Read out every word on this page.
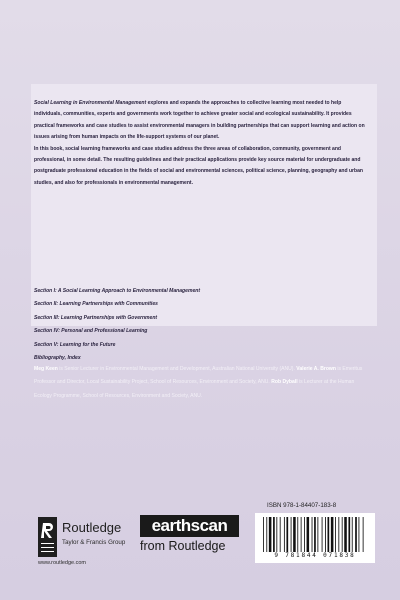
Social Learning in Environmental Management explores and expands the approaches to collective learning most needed to help individuals, communities, experts and governments work together to achieve greater social and ecological sustainability. It provides practical frameworks and case studies to assist environmental managers in building partnerships that can support learning and action on issues arising from human impacts on the life-support systems of our planet.

In this book, social learning frameworks and case studies address the three areas of collaboration, community, government and professional, in some detail. The resulting guidelines and their practical applications provide key source material for undergraduate and postgraduate professional education in the fields of social and environmental sciences, political science, planning, geography and urban studies, and also for professionals in environmental management.

Section I: A Social Learning Approach to Environmental Management
Section II: Learning Partnerships with Communities
Section III: Learning Partnerships with Government
Section IV: Personal and Professional Learning
Section V: Learning for the Future
Bibliography, Index
Meg Keen is Senior Lecturer in Environmental Management and Development, Australian National University (ANU). Valerie A. Brown is Emeritus Professor and Director, Local Sustainability Project, School of Resources, Environment and Society, ANU. Rob Dyball is Lecturer at the Human Ecology Programme, School of Resources, Environment and Society, ANU.
ISBN 978-1-84407-183-8
9 781844 071838
Routledge
Taylor & Francis Group
www.routledge.com
earthscan
from Routledge
